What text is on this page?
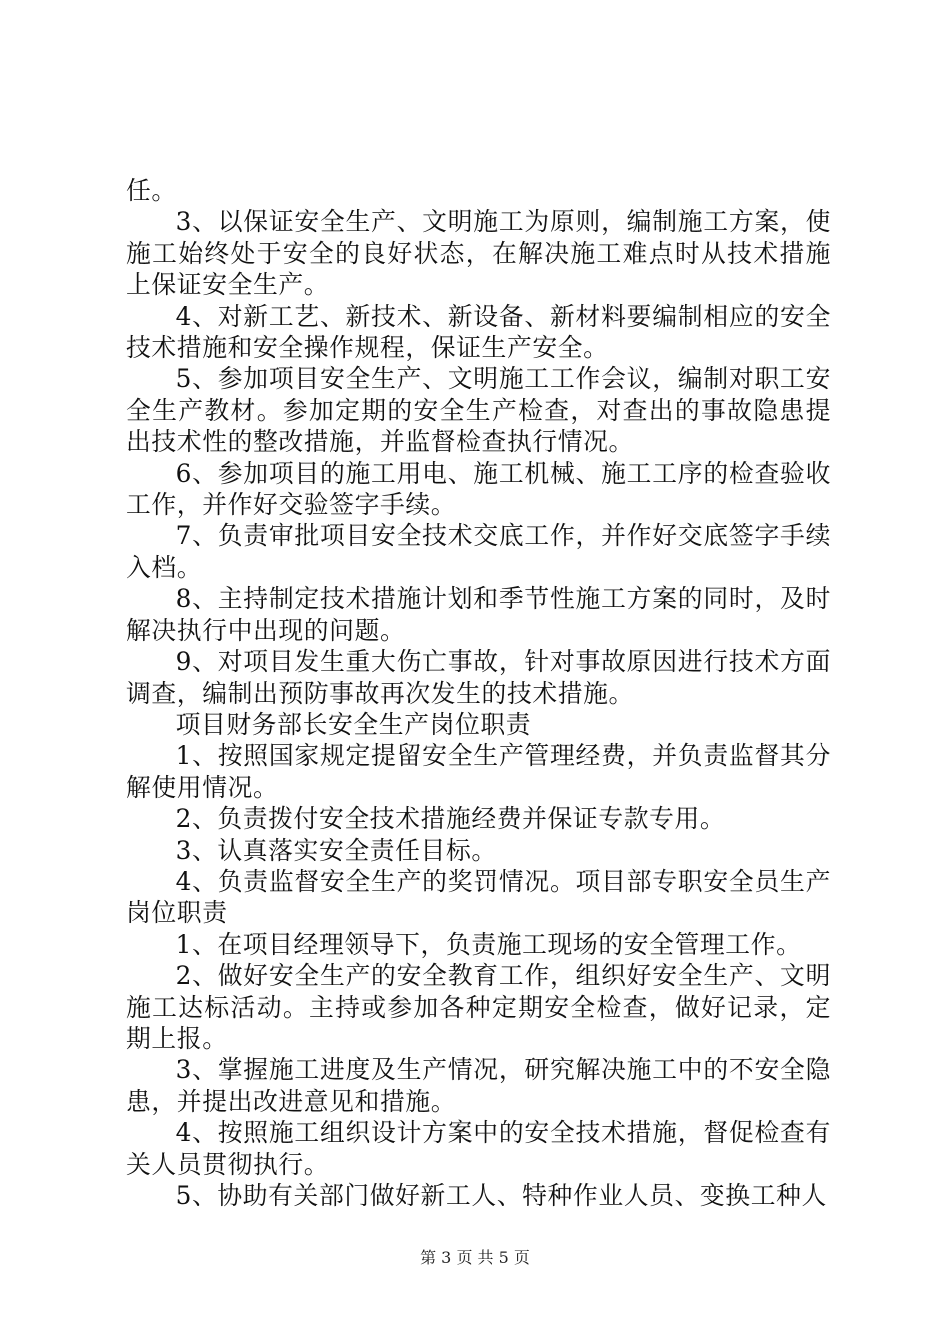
任。

3、以保证安全生产、文明施工为原则，编制施工方案，使施工始终处于安全的良好状态，在解决施工难点时从技术措施上保证安全生产。

4、对新工艺、新技术、新设备、新材料要编制相应的安全技术措施和安全操作规程，保证生产安全。

5、参加项目安全生产、文明施工工作会议，编制对职工安全生产教材。参加定期的安全生产检查，对查出的事故隐患提出技术性的整改措施，并监督检查执行情况。

6、参加项目的施工用电、施工机械、施工工序的检查验收工作，并作好交验签字手续。

7、负责审批项目安全技术交底工作，并作好交底签字手续入档。

8、主持制定技术措施计划和季节性施工方案的同时，及时解决执行中出现的问题。

9、对项目发生重大伤亡事故，针对事故原因进行技术方面调查，编制出预防事故再次发生的技术措施。

项目财务部长安全生产岗位职责

1、按照国家规定提留安全生产管理经费，并负责监督其分解使用情况。

2、负责拨付安全技术措施经费并保证专款专用。

3、认真落实安全责任目标。

4、负责监督安全生产的奖罚情况。项目部专职安全员生产岗位职责

1、在项目经理领导下，负责施工现场的安全管理工作。

2、做好安全生产的安全教育工作，组织好安全生产、文明施工达标活动。主持或参加各种定期安全检查，做好记录，定期上报。

3、掌握施工进度及生产情况，研究解决施工中的不安全隐患，并提出改进意见和措施。

4、按照施工组织设计方案中的安全技术措施，督促检查有关人员贯彻执行。

5、协助有关部门做好新工人、特种作业人员、变换工种人

第 3 页 共 5 页
